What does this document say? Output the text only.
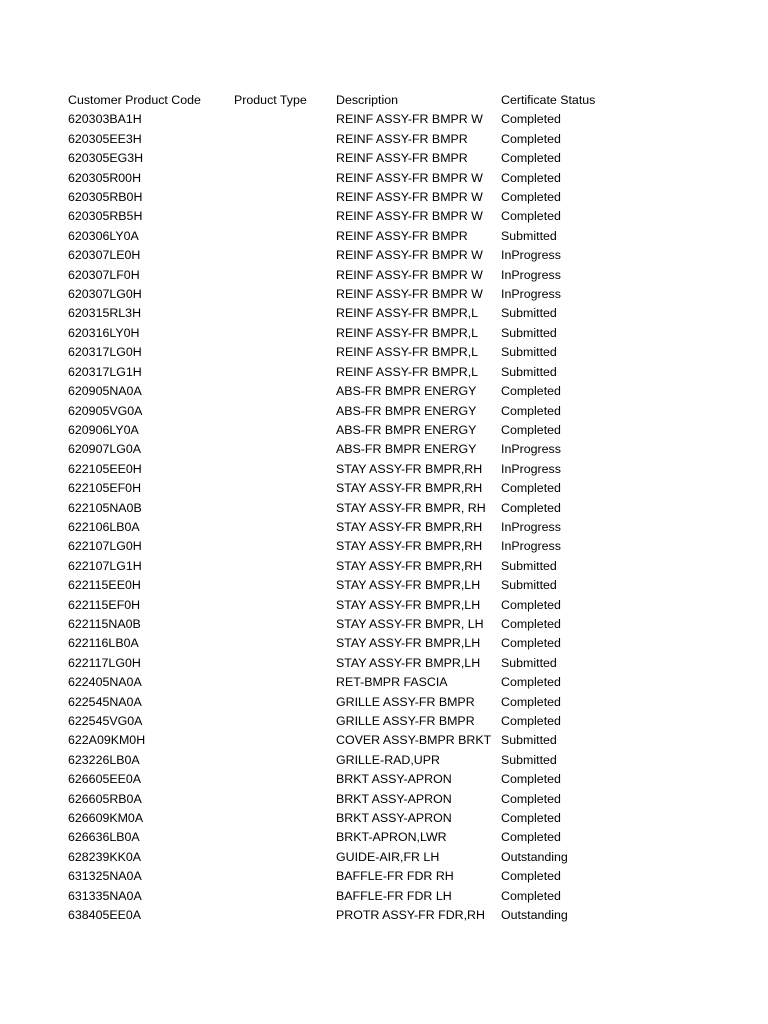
Customer Product Code	Product Type	Description	Certificate Status
620303BA1H		REINF ASSY-FR BMPR W	Completed
620305EE3H		REINF ASSY-FR BMPR	Completed
620305EG3H		REINF ASSY-FR BMPR	Completed
620305R00H		REINF ASSY-FR BMPR W	Completed
620305RB0H		REINF ASSY-FR BMPR W	Completed
620305RB5H		REINF ASSY-FR BMPR W	Completed
620306LY0A		REINF ASSY-FR BMPR	Submitted
620307LE0H		REINF ASSY-FR BMPR W	InProgress
620307LF0H		REINF ASSY-FR BMPR W	InProgress
620307LG0H		REINF ASSY-FR BMPR W	InProgress
620315RL3H		REINF ASSY-FR BMPR,L	Submitted
620316LY0H		REINF ASSY-FR BMPR,L	Submitted
620317LG0H		REINF ASSY-FR BMPR,L	Submitted
620317LG1H		REINF ASSY-FR BMPR,L	Submitted
620905NA0A		ABS-FR BMPR ENERGY	Completed
620905VG0A		ABS-FR BMPR ENERGY	Completed
620906LY0A		ABS-FR BMPR ENERGY	Completed
620907LG0A		ABS-FR BMPR ENERGY	InProgress
622105EE0H		STAY ASSY-FR BMPR,RH	InProgress
622105EF0H		STAY ASSY-FR BMPR,RH	Completed
622105NA0B		STAY ASSY-FR BMPR, RH	Completed
622106LB0A		STAY ASSY-FR BMPR,RH	InProgress
622107LG0H		STAY ASSY-FR BMPR,RH	InProgress
622107LG1H		STAY ASSY-FR BMPR,RH	Submitted
622115EE0H		STAY ASSY-FR BMPR,LH	Submitted
622115EF0H		STAY ASSY-FR BMPR,LH	Completed
622115NA0B		STAY ASSY-FR BMPR, LH	Completed
622116LB0A		STAY ASSY-FR BMPR,LH	Completed
622117LG0H		STAY ASSY-FR BMPR,LH	Submitted
622405NA0A		RET-BMPR FASCIA	Completed
622545NA0A		GRILLE ASSY-FR BMPR	Completed
622545VG0A		GRILLE ASSY-FR BMPR	Completed
622A09KM0H		COVER ASSY-BMPR BRKT	Submitted
623226LB0A		GRILLE-RAD,UPR	Submitted
626605EE0A		BRKT ASSY-APRON	Completed
626605RB0A		BRKT ASSY-APRON	Completed
626609KM0A		BRKT ASSY-APRON	Completed
626636LB0A		BRKT-APRON,LWR	Completed
628239KK0A		GUIDE-AIR,FR LH	Outstanding
631325NA0A		BAFFLE-FR FDR RH	Completed
631335NA0A		BAFFLE-FR FDR LH	Completed
638405EE0A		PROTR ASSY-FR FDR,RH	Outstanding
